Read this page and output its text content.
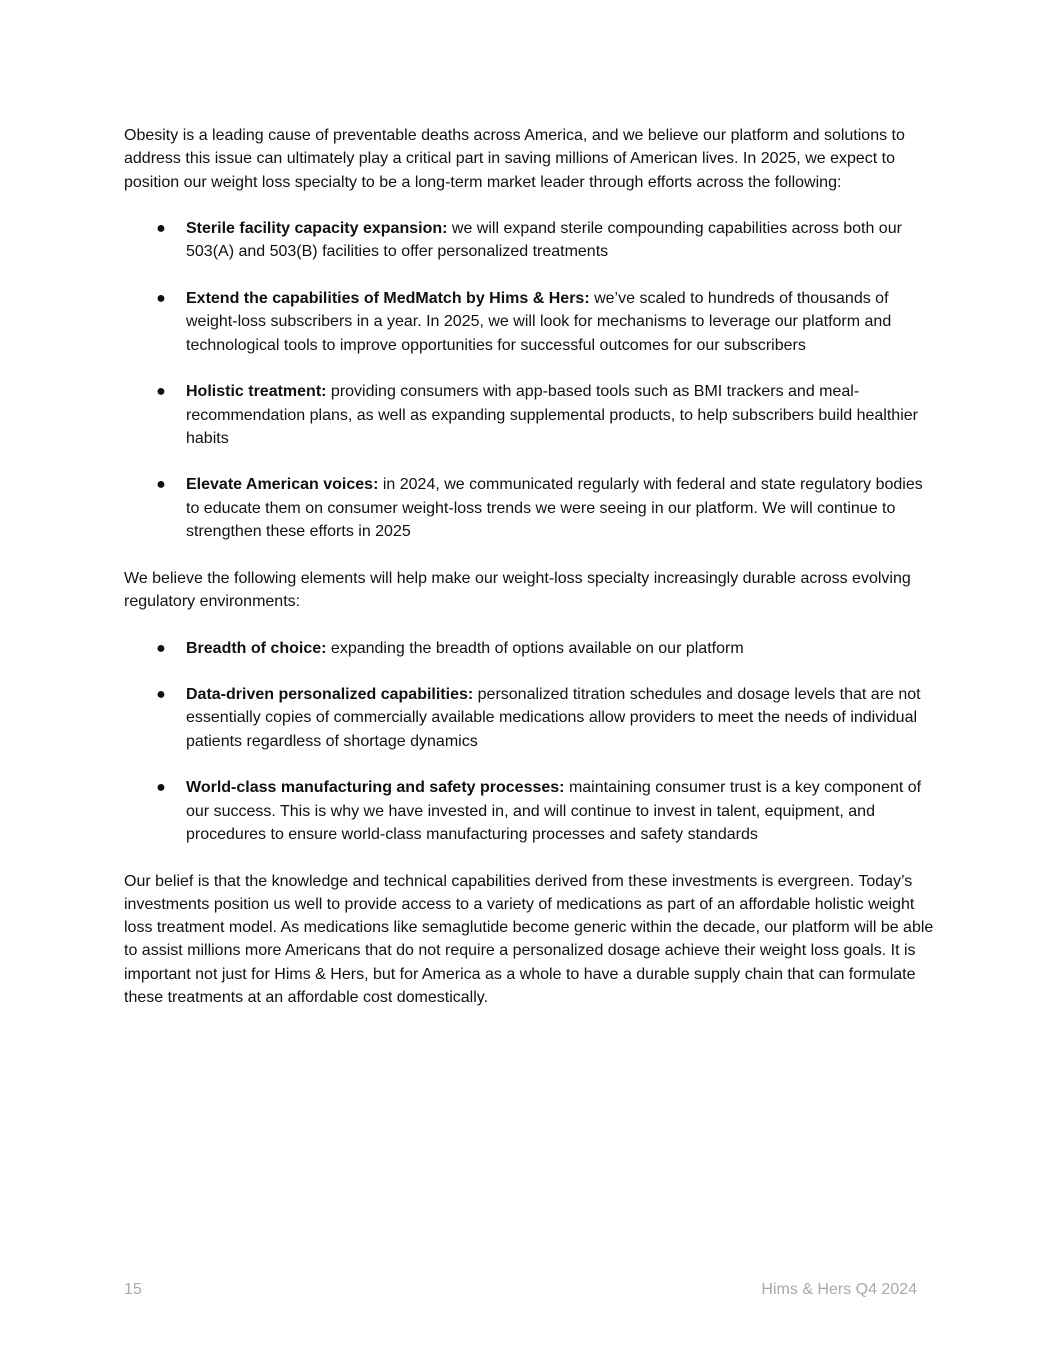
Obesity is a leading cause of preventable deaths across America, and we believe our platform and solutions to address this issue can ultimately play a critical part in saving millions of American lives. In 2025, we expect to position our weight loss specialty to be a long-term market leader through efforts across the following:

● Sterile facility capacity expansion: we will expand sterile compounding capabilities across both our 503(A) and 503(B) facilities to offer personalized treatments
● Extend the capabilities of MedMatch by Hims & Hers: we’ve scaled to hundreds of thousands of weight-loss subscribers in a year. In 2025, we will look for mechanisms to leverage our platform and technological tools to improve opportunities for successful outcomes for our subscribers
● Holistic treatment: providing consumers with app-based tools such as BMI trackers and meal-recommendation plans, as well as expanding supplemental products, to help subscribers build healthier habits
● Elevate American voices: in 2024, we communicated regularly with federal and state regulatory bodies to educate them on consumer weight-loss trends we were seeing in our platform. We will continue to strengthen these efforts in 2025

We believe the following elements will help make our weight-loss specialty increasingly durable across evolving regulatory environments:

● Breadth of choice: expanding the breadth of options available on our platform
● Data-driven personalized capabilities: personalized titration schedules and dosage levels that are not essentially copies of commercially available medications allow providers to meet the needs of individual patients regardless of shortage dynamics
● World-class manufacturing and safety processes: maintaining consumer trust is a key component of our success. This is why we have invested in, and will continue to invest in talent, equipment, and procedures to ensure world-class manufacturing processes and safety standards

Our belief is that the knowledge and technical capabilities derived from these investments is evergreen. Today’s investments position us well to provide access to a variety of medications as part of an affordable holistic weight loss treatment model. As medications like semaglutide become generic within the decade, our platform will be able to assist millions more Americans that do not require a personalized dosage achieve their weight loss goals. It is important not just for Hims & Hers, but for America as a whole to have a durable supply chain that can formulate these treatments at an affordable cost domestically.

15	Hims & Hers Q4 2024
